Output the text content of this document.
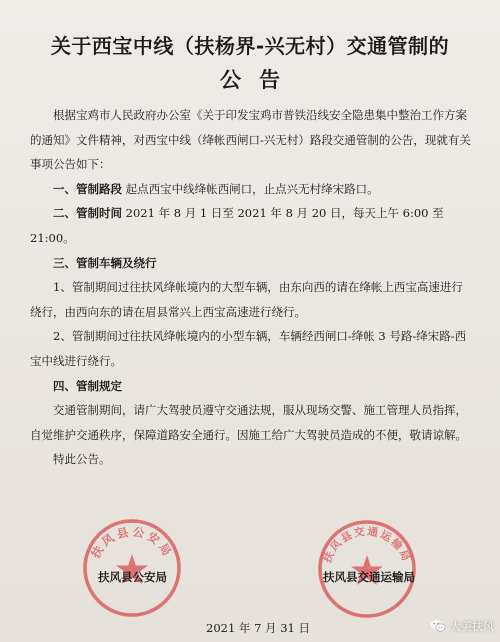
关于西宝中线（扶杨界-兴无村）交通管制的
公告

根据宝鸡市人民政府办公室《关于印发宝鸡市普铁沿线安全隐患集中整治工作方案的通知》文件精神，对西宝中线（绛帐西闸口-兴无村）路段交通管制的公告，现就有关事项公告如下：

一、管制路段 起点西宝中线绛帐西闸口，止点兴无村绛宋路口。

二、管制时间 2021 年 8 月 1 日至 2021 年 8 月 20 日，每天上午 6:00 至 21:00。

三、管制车辆及绕行

1、管制期间过往扶风绛帐境内的大型车辆，由东向西的请在绛帐上西宝高速进行绕行，由西向东的请在眉县常兴上西宝高速进行绕行。

2、管制期间过往扶风绛帐境内的小型车辆，车辆经西闸口-绛帐 3 号路-绛宋路-西宝中线进行绕行。

四、管制规定

交通管制期间，请广大驾驶员遵守交通法规，服从现场交警、施工管理人员指挥，自觉维护交通秩序，保障道路安全通行。因施工给广大驾驶员造成的不便，敬请谅解。

特此公告。

扶风县公安局	扶风县交通运输局
扶风县公安局	扶风县交通运输局
2021 年 7 月 31 日	大美扶风
